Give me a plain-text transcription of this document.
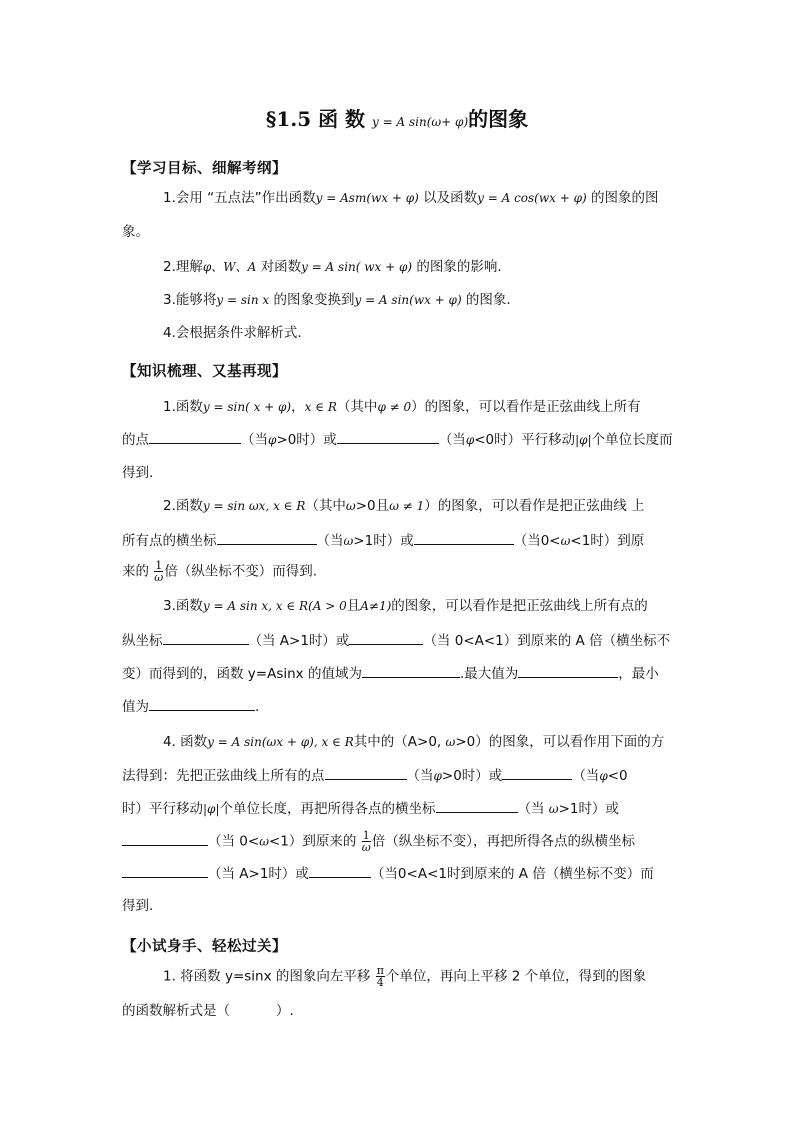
§1.5 函 数 y = A sin(ω+ φ)的图象
【学习目标、细解考纲】
1.会用 “五点法”作出函数y = Asm(wx + φ) 以及函数y = A cos(wx + φ) 的图象的图
象。
2.理解φ、W、A 对函数y = A sin( wx + φ) 的图象的影响.
3.能够将y = sin x 的图象变换到y = A sin(wx + φ) 的图象.
4.会根据条件求解析式.
【知识梳理、又基再现】
1.函数y = sin( x + φ)，x ∈ R（其中φ ≠ 0）的图象，可以看作是正弦曲线上所有
的点	（当φ>0时）或	（当φ<0时）平行移动|φ|个单位长度而
得到.
2.函数y = sin ωx, x ∈ R（其中ω>0且ω ≠ 1）的图象，可以看作是把正弦曲线 上
所有点的横坐标	（当ω>1时）或	（当0<ω<1时）到原
来的 $\frac{1}{\omega}$ 倍（纵坐标不变）而得到.
3.函数y = A sin x, x ∈ R(A > 0且A≠1)的图象，可以看作是把正弦曲线上所有点的
纵坐标	（当 A>1时）或	（当 0<A<1）到原来的 A 倍（横坐标不
变）而得到的，函数 y=Asinx 的值域为	.最大值为	，最小
值为	.
4. 函数y = A sin(ωx + φ), x ∈ R其中的（A>0, ω>0）的图象，可以看作用下面的方
法得到：先把正弦曲线上所有的点	（当φ>0时）或	（当φ<0
时）平行移动|φ|个单位长度，再把所得各点的横坐标	（当 ω>1时）或
（当 0<ω<1）到原来的 $\frac{1}{\omega}$ 倍（纵坐标不变），再把所得各点的纵横坐标
（当 A>1时）或	（当0<A<1时到原来的 A 倍（横坐标不变）而
得到.
【小试身手、轻松过关】
1. 将函数 y=sinx 的图象向左平移 $\frac{\pi}{4}$ 个单位，再向上平移 2 个单位，得到的图象
的函数解析式是（	）.
